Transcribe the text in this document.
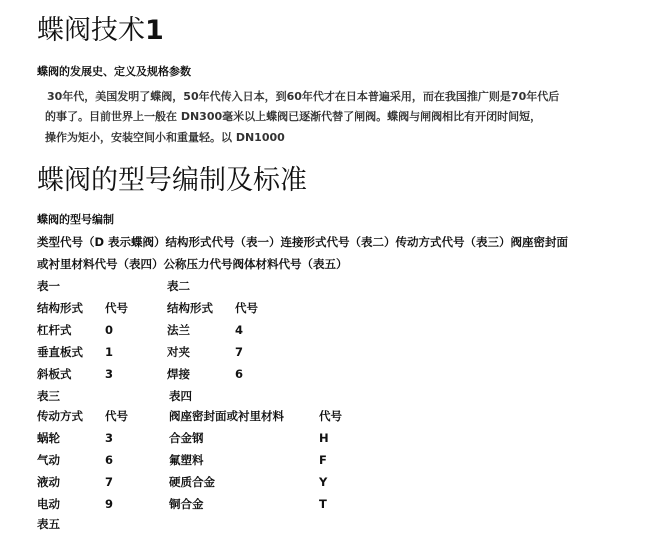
蝶阀技术1
蝶阀的发展史、定义及规格参数
30年代，美国发明了蝶阀，50年代传入日本，到60年代才在日本普遍采用，而在我国推广则是70年代后
的事了。目前世界上一般在 DN300毫米以上蝶阀已逐渐代替了闸阀。蝶阀与闸阀相比有开闭时间短，
操作为矩小，安装空间小和重量轻。以 DN1000
蝶阀的型号编制及标准
蝶阀的型号编制
类型代号（D 表示蝶阀）结构形式代号（表一）连接形式代号（表二）传动方式代号（表三）阀座密封面
或衬里材料代号（表四）公称压力代号阀体材料代号（表五）
表一	表二
结构形式 代号	结构形式 代号
杠杆式	0	法兰	4
垂直板式 1	对夹	7
斜板式	3	焊接	6
表三	表四
传动方式 代号	阀座密封面或衬里材料	代号
蜗轮	3	合金钢	H
气动	6	氟塑料	F
液动	7	硬质合金	Y
电动	9	铜合金	T
表五
